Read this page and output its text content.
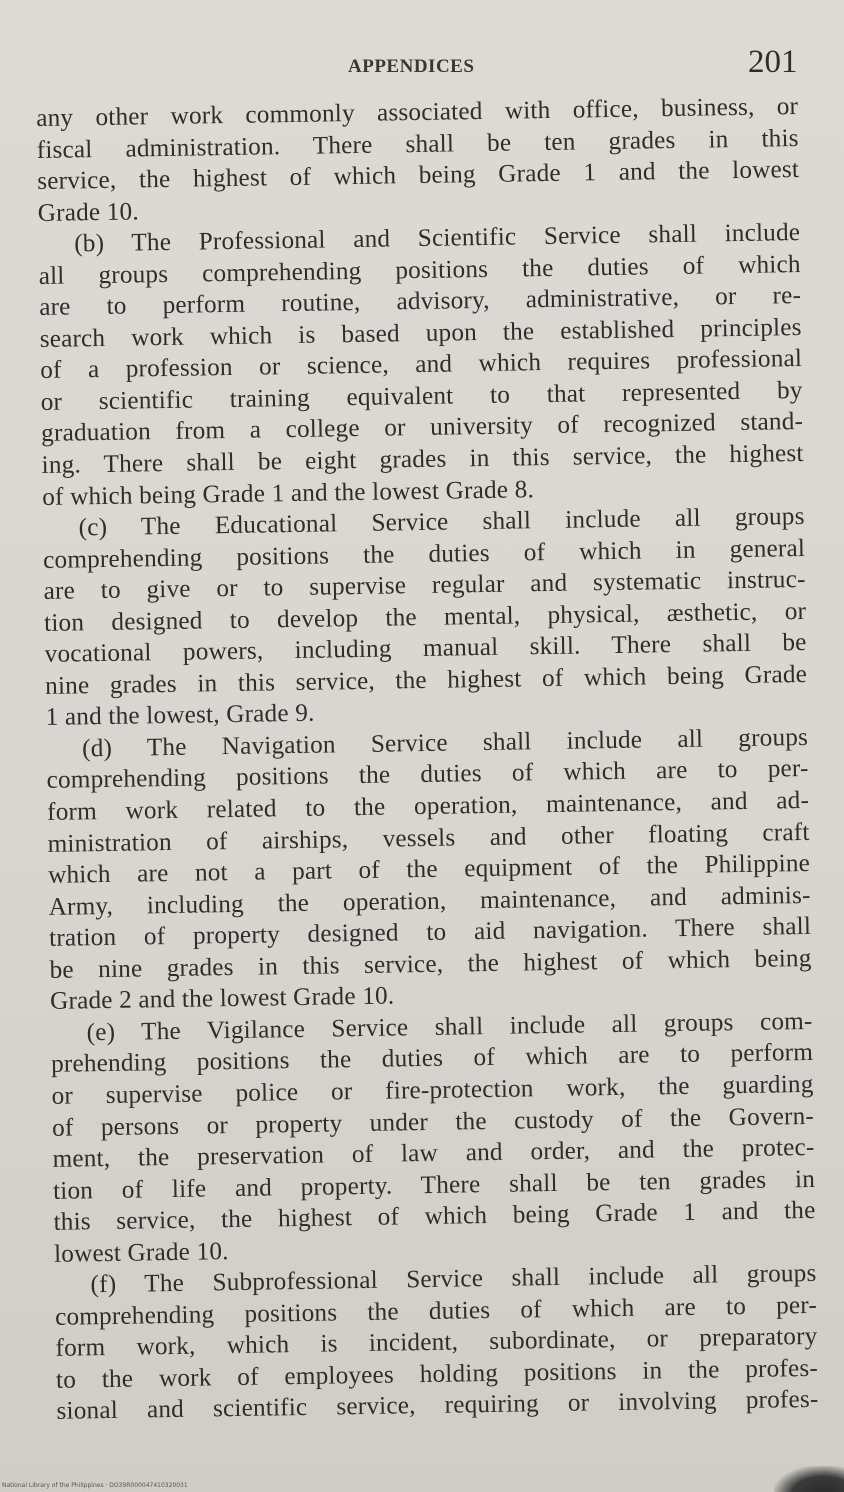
APPENDICES	201
any other work commonly associated with office, business, or
fiscal administration. There shall be ten grades in this
service, the highest of which being Grade 1 and the lowest
Grade 10.
(b) The Professional and Scientific Service shall include
all groups comprehending positions the duties of which
are to perform routine, advisory, administrative, or re-
search work which is based upon the established principles
of a profession or science, and which requires professional
or scientific training equivalent to that represented by
graduation from a college or university of recognized stand-
ing. There shall be eight grades in this service, the highest
of which being Grade 1 and the lowest Grade 8.
(c) The Educational Service shall include all groups
comprehending positions the duties of which in general
are to give or to supervise regular and systematic instruc-
tion designed to develop the mental, physical, æsthetic, or
vocational powers, including manual skill. There shall be
nine grades in this service, the highest of which being Grade
1 and the lowest, Grade 9.
(d) The Navigation Service shall include all groups
comprehending positions the duties of which are to per-
form work related to the operation, maintenance, and ad-
ministration of airships, vessels and other floating craft
which are not a part of the equipment of the Philippine
Army, including the operation, maintenance, and adminis-
tration of property designed to aid navigation. There shall
be nine grades in this service, the highest of which being
Grade 2 and the lowest Grade 10.
(e) The Vigilance Service shall include all groups com-
prehending positions the duties of which are to perform
or supervise police or fire-protection work, the guarding
of persons or property under the custody of the Govern-
ment, the preservation of law and order, and the protec-
tion of life and property. There shall be ten grades in
this service, the highest of which being Grade 1 and the
lowest Grade 10.
(f) The Subprofessional Service shall include all groups
comprehending positions the duties of which are to per-
form work, which is incident, subordinate, or preparatory
to the work of employees holding positions in the profes-
sional and scientific service, requiring or involving profes-
National Library of the Philippines · DO39R000047410320031
